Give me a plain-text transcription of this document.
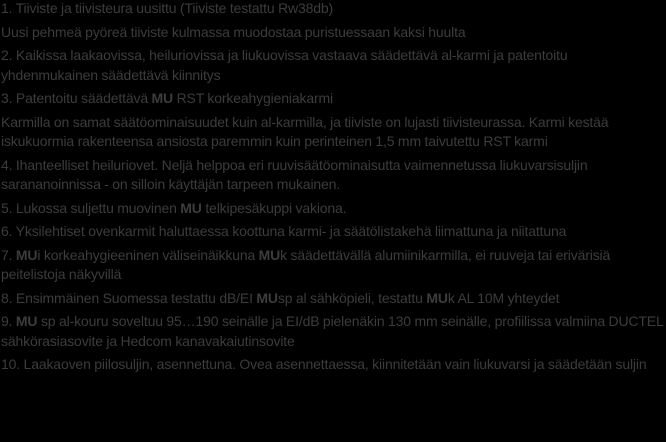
1. Tiiviste ja tiivisteura uusittu (Tiiviste testattu Rw38db)

Uusi pehmeä pyöreä tiiviste kulmassa muodostaa puristuessaan kaksi huulta

2. Kaikissa laakaovissa, heiluriovissa ja liukuovissa vastaava säädettävä al-karmi ja patentoitu yhdenmukainen säädettävä kiinnitys

3. Patentoitu säädettävä MU RST korkeahygieniakarmi

Karmilla on samat säätöominaisuudet kuin al-karmilla, ja tiiviste on lujasti tiivisteurassa. Karmi kestää iskukuormia rakenteensa ansiosta paremmin kuin perinteinen 1,5 mm taivutettu RST karmi

4. Ihanteelliset heiluriovet. Neljä helppoa eri ruuvisäätöominaisutta vaimennetussa liukuvarsisuljin sarananoinnissa - on silloin käyttäjän tarpeen mukainen.

5. Lukossa suljettu muovinen MU telkipesäkuppi vakiona.

6. Yksilehtiset ovenkarmit haluttaessa koottuna karmi- ja säätölistakehä liimattuna ja niitattuna

7. MUi korkeahygieeninen väliseinäikkuna MUk säädettävällä alumiinikarmilla, ei ruuveja tai erivärisiä peitelistoja näkyvillä

8. Ensimmäinen Suomessa testattu dB/EI MUsp al sähköpieli, testattu MUk AL 10M yhteydet

9. MU sp al-kouru soveltuu 95…190 seinälle ja EI/dB pielenäkin 130 mm seinälle, profiilissa valmiina DUCTEL sähkörasiasovite ja Hedcom kanavakaiutinsovite

10. Laakaoven piilosuljin, asennettuna. Ovea asennettaessa, kiinnitetään vain liukuvarsi ja säädetään suljin
